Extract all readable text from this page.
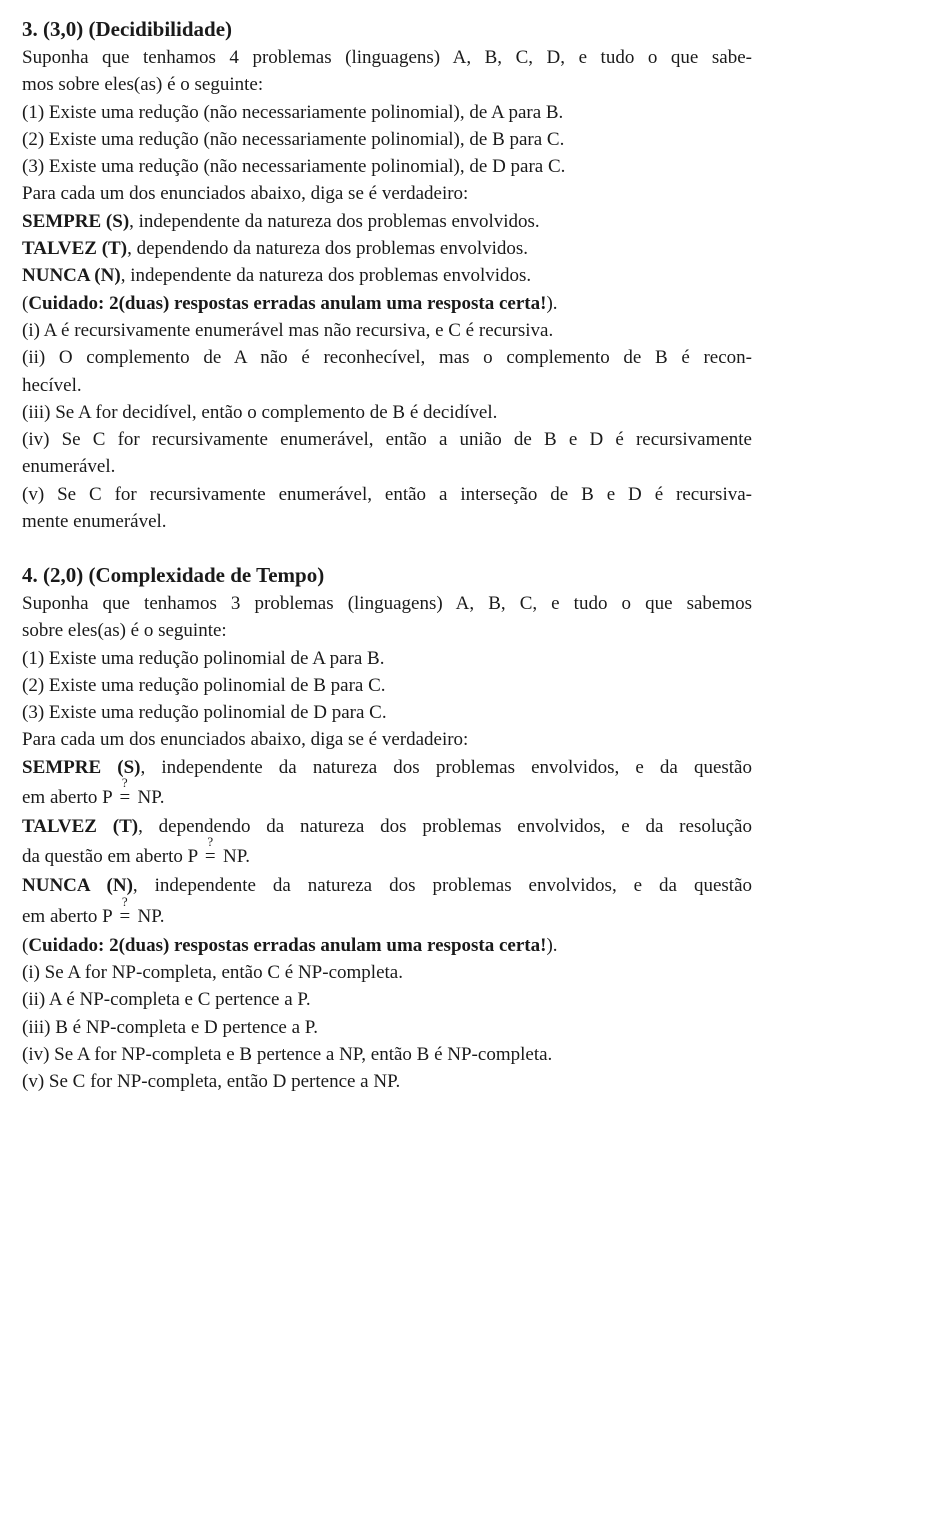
3. (3,0) (Decidibilidade)

Suponha que tenhamos 4 problemas (linguagens) A, B, C, D, e tudo o que sabe-

mos sobre eles(as) é o seguinte:

(1) Existe uma redução (não necessariamente polinomial), de A para B.

(2) Existe uma redução (não necessariamente polinomial), de B para C.

(3) Existe uma redução (não necessariamente polinomial), de D para C.

Para cada um dos enunciados abaixo, diga se é verdadeiro:

SEMPRE (S), independente da natureza dos problemas envolvidos.

TALVEZ (T), dependendo da natureza dos problemas envolvidos.

NUNCA (N), independente da natureza dos problemas envolvidos.

(Cuidado: 2(duas) respostas erradas anulam uma resposta certa!).

(i) A é recursivamente enumerável mas não recursiva, e C é recursiva.

(ii) O complemento de A não é reconhecível, mas o complemento de B é recon-

hecível.

(iii) Se A for decidível, então o complemento de B é decidível.

(iv) Se C for recursivamente enumerável, então a união de B e D é recursivamente

enumerável.

(v) Se C for recursivamente enumerável, então a interseção de B e D é recursiva-

mente enumerável.

4. (2,0) (Complexidade de Tempo)

Suponha que tenhamos 3 problemas (linguagens) A, B, C, e tudo o que sabemos

sobre eles(as) é o seguinte:

(1) Existe uma redução polinomial de A para B.

(2) Existe uma redução polinomial de B para C.

(3) Existe uma redução polinomial de D para C.

Para cada um dos enunciados abaixo, diga se é verdadeiro:

SEMPRE (S), independente da natureza dos problemas envolvidos, e da questão

em aberto P
?
= NP.

TALVEZ (T), dependendo da natureza dos problemas envolvidos, e da resolução

da questão em aberto P
?
= NP.

NUNCA (N), independente da natureza dos problemas envolvidos, e da questão

em aberto P
?
= NP.

(Cuidado: 2(duas) respostas erradas anulam uma resposta certa!).

(i) Se A for NP-completa, então C é NP-completa.

(ii) A é NP-completa e C pertence a P.

(iii) B é NP-completa e D pertence a P.

(iv) Se A for NP-completa e B pertence a NP, então B é NP-completa.

(v) Se C for NP-completa, então D pertence a NP.
